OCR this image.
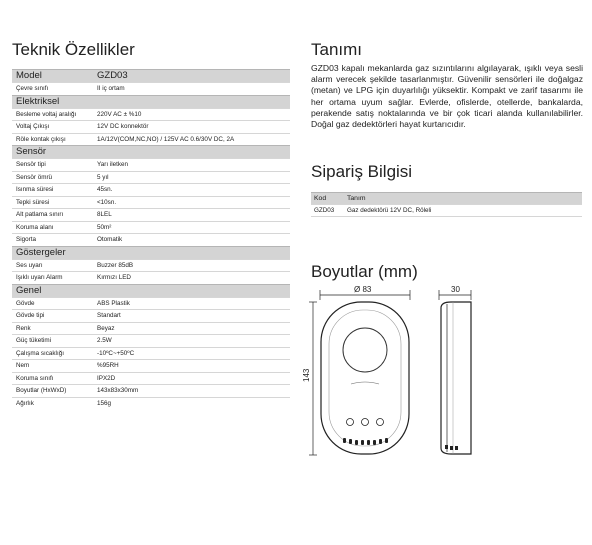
Teknik Özellikler
Model	GZD03
Çevre sınıfı	II iç ortam
Elektriksel
Besleme voltaj aralığı	220V AC ± %10
Voltaj Çıkışı	12V DC konnektör
Röle kontak çıkışı	1A/12V(COM,NC,NO) / 125V AC 0.6/30V DC, 2A
Sensör
Sensör tipi	Yarı iletken
Sensör ömrü	5 yıl
Isınma süresi	45sn.
Tepki süresi	<10sn.
Alt patlama sınırı	8LEL
Koruma alanı	50m²
Sigorta	Otomatik
Göstergeler
Ses uyarı	Buzzer 85dB
Işıklı uyarı Alarm	Kırmızı LED
Genel
Gövde	ABS Plastik
Gövde tipi	Standart
Renk	Beyaz
Güç tüketimi	2.5W
Çalışma sıcaklığı	-10ºC~+50ºC
Nem	%95RH
Koruma sınıfı	IPX2D
Boyutlar (HxWxD)	143x83x30mm
Ağırlık	156g
Tanımı
GZD03 kapalı mekanlarda gaz sızıntılarını algılayarak, ışıklı veya sesli alarm verecek şekilde tasarlanmıştır. Güvenilir sensörleri ile doğalgaz (metan) ve LPG için duyarlılığı yüksektir. Kompakt ve zarif tasarımı ile her ortama uyum sağlar. Evlerde, ofislerde, otellerde, bankalarda, perakende satış noktalarında ve bir çok ticari alanda kullanılabilirler. Doğal gaz dedektörleri hayat kurtarıcıdır.
Sipariş Bilgisi
Kod	Tanım
GZD03	Gaz dedektörü 12V DC, Röleli
Boyutlar (mm)
Ø 83	30
143
